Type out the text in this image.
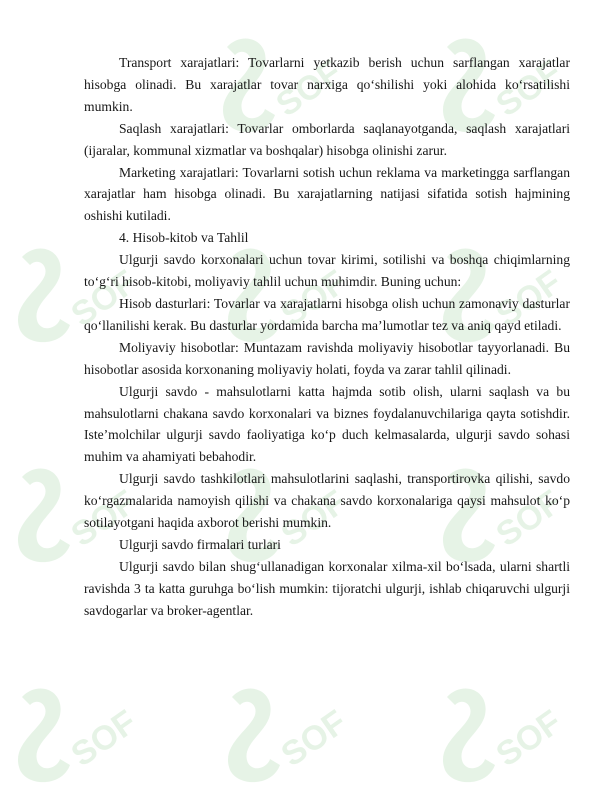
SOF	SOF
SOF	SOF	SOF
SOF	SOF	SOF
SOF	SOF	SOF

Transport xarajatlari: Tovarlarni yetkazib berish uchun sarflangan xarajatlar hisobga olinadi. Bu xarajatlar tovar narxiga qo‘shilishi yoki alohida ko‘rsatilishi mumkin.

Saqlash xarajatlari: Tovarlar omborlarda saqlanayotganda, saqlash xarajatlari (ijaralar, kommunal xizmatlar va boshqalar) hisobga olinishi zarur.

Marketing xarajatlari: Tovarlarni sotish uchun reklama va marketingga sarflangan xarajatlar ham hisobga olinadi. Bu xarajatlarning natijasi sifatida sotish hajmining oshishi kutiladi.

4. Hisob-kitob va Tahlil

Ulgurji savdo korxonalari uchun tovar kirimi, sotilishi va boshqa chiqimlarning to‘g‘ri hisob-kitobi, moliyaviy tahlil uchun muhimdir. Buning uchun:

Hisob dasturlari: Tovarlar va xarajatlarni hisobga olish uchun zamonaviy dasturlar qo‘llanilishi kerak. Bu dasturlar yordamida barcha ma’lumotlar tez va aniq qayd etiladi.

Moliyaviy hisobotlar: Muntazam ravishda moliyaviy hisobotlar tayyorlanadi. Bu hisobotlar asosida korxonaning moliyaviy holati, foyda va zarar tahlil qilinadi.

Ulgurji savdo - mahsulotlarni katta hajmda sotib olish, ularni saqlash va bu mahsulotlarni chakana savdo korxonalari va biznes foydalanuvchilariga qayta sotishdir. Iste’molchilar ulgurji savdo faoliyatiga ko‘p duch kelmasalarda, ulgurji savdo sohasi muhim va ahamiyati bebahodir.

Ulgurji savdo tashkilotlari mahsulotlarini saqlashi, transportirovka qilishi, savdo ko‘rgazmalarida namoyish qilishi va chakana savdo korxonalariga qaysi mahsulot ko‘p sotilayotgani haqida axborot berishi mumkin.

Ulgurji savdo firmalari turlari

Ulgurji savdo bilan shug‘ullanadigan korxonalar xilma-xil bo‘lsada, ularni shartli ravishda 3 ta katta guruhga bo‘lish mumkin: tijoratchi ulgurji, ishlab chiqaruvchi ulgurji savdogarlar va broker-agentlar.
